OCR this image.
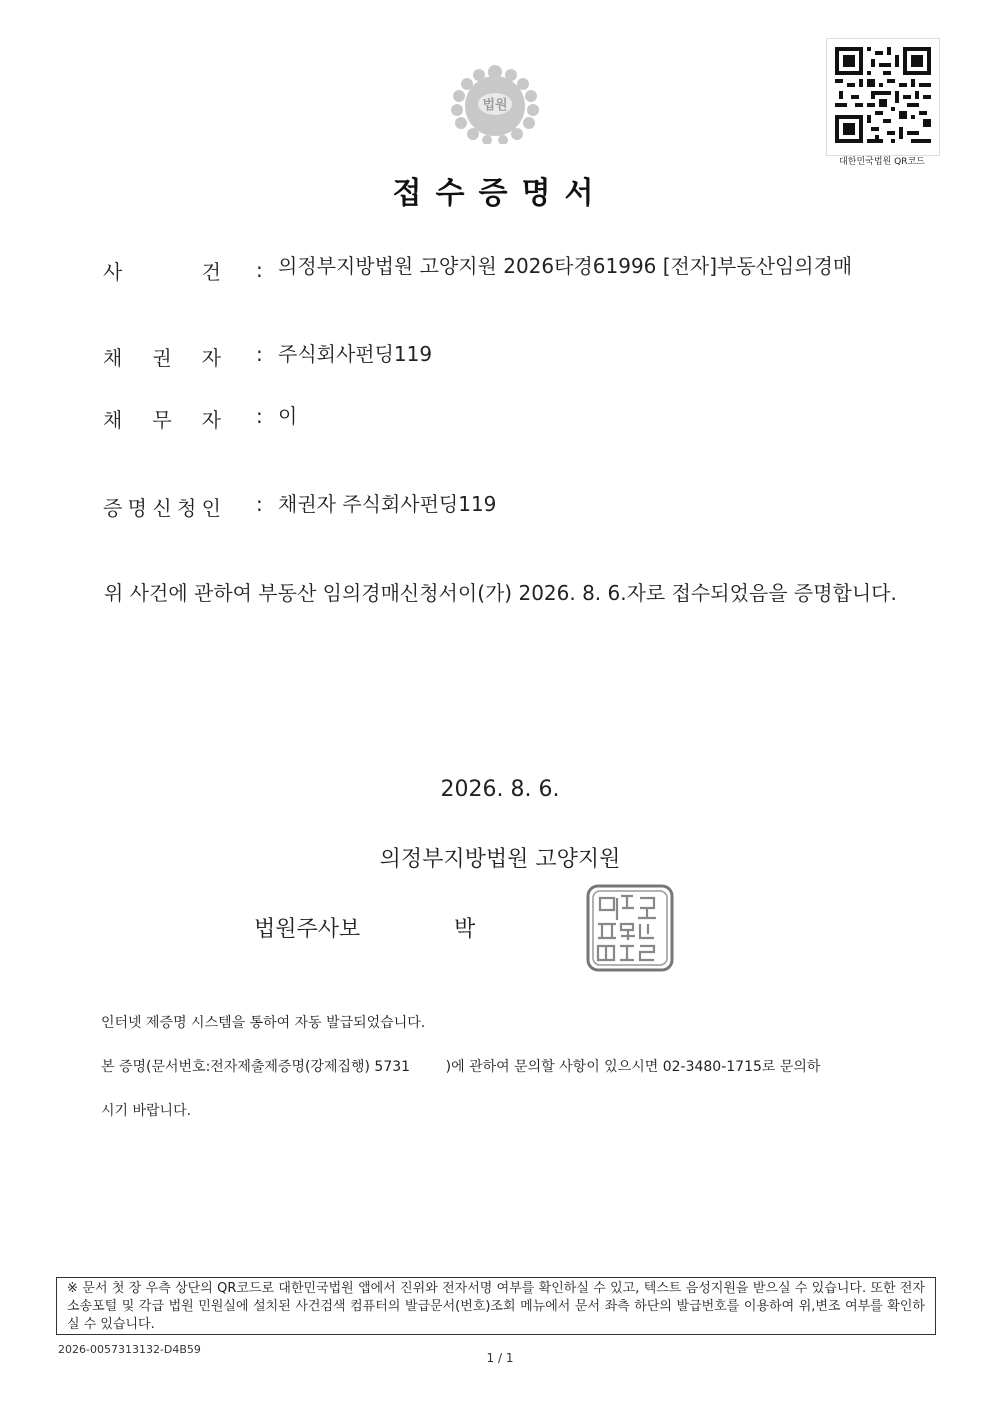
법원
대한민국법원 QR코드
접수증명서
사	건 : 의정부지방법원 고양지원 2026타경61996 [전자]부동산임의경매
채 권 자 : 주식회사펀딩119
채 무 자 : 이
증 명 신 청 인 : 채권자 주식회사펀딩119
위 사건에 관하여 부동산 임의경매신청서이(가) 2026. 8. 6.자로 접수되었음을 증명합니다.
2026. 8. 6.
의정부지방법원 고양지원
법원주사보	박
인터넷 제증명 시스템을 통하여 자동 발급되었습니다.
본 증명(문서번호:전자제출제증명(강제집행) 5731        )에 관하여 문의할 사항이 있으시면 02-3480-1715로 문의하
시기 바랍니다.
※ 문서 첫 장 우측 상단의 QR코드로 대한민국법원 앱에서 진위와 전자서명 여부를 확인하실 수 있고, 텍스트 음성지원을 받으실 수 있습니다. 또한 전자소송포털 및 각급 법원 민원실에 설치된 사건검색 컴퓨터의 발급문서(번호)조회 메뉴에서 문서 좌측 하단의 발급번호를 이용하여 위,변조 여부를 확인하실 수 있습니다.
2026-0057313132-D4B59
1 / 1
